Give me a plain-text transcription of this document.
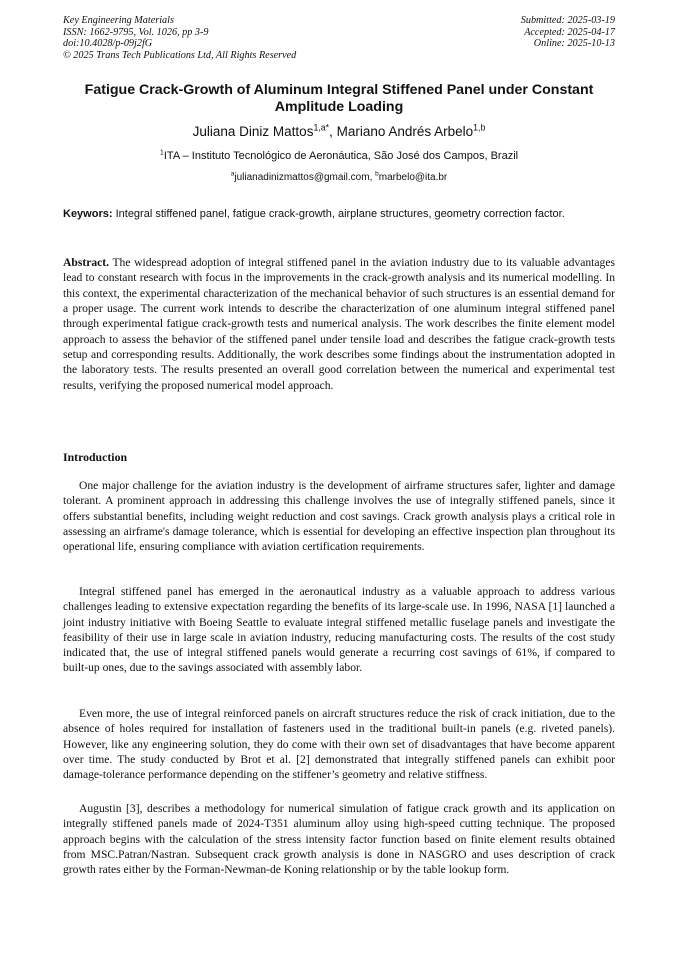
Key Engineering Materials
ISSN: 1662-9795, Vol. 1026, pp 3-9
doi:10.4028/p-09j2fG
© 2025 Trans Tech Publications Ltd, All Rights Reserved
Submitted: 2025-03-19
Accepted: 2025-04-17
Online: 2025-10-13
Fatigue Crack-Growth of Aluminum Integral Stiffened Panel under Constant Amplitude Loading
Juliana Diniz Mattos$^{1,a*}$, Mariano Andrés Arbelo$^{1,b}$
$^1$ITA – Instituto Tecnológico de Aeronáutica, São José dos Campos, Brazil
$^a$julianadinizmattos@gmail.com, $^b$marbelo@ita.br
Keywors: Integral stiffened panel, fatigue crack-growth, airplane structures, geometry correction factor.
Abstract. The widespread adoption of integral stiffened panel in the aviation industry due to its valuable advantages lead to constant research with focus in the improvements in the crack-growth analysis and its numerical modelling. In this context, the experimental characterization of the mechanical behavior of such structures is an essential demand for a proper usage. The current work intends to describe the characterization of one aluminum integral stiffened panel through experimental fatigue crack-growth tests and numerical analysis. The work describes the finite element model approach to assess the behavior of the stiffened panel under tensile load and describes the fatigue crack-growth tests setup and corresponding results. Additionally, the work describes some findings about the instrumentation adopted in the laboratory tests. The results presented an overall good correlation between the numerical and experimental test results, verifying the proposed numerical model approach.
Introduction

One major challenge for the aviation industry is the development of airframe structures safer, lighter and damage tolerant. A prominent approach in addressing this challenge involves the use of integrally stiffened panels, since it offers substantial benefits, including weight reduction and cost savings. Crack growth analysis plays a critical role in assessing an airframe's damage tolerance, which is essential for developing an effective inspection plan throughout its operational life, ensuring compliance with aviation certification requirements.

Integral stiffened panel has emerged in the aeronautical industry as a valuable approach to address various challenges leading to extensive expectation regarding the benefits of its large-scale use. In 1996, NASA [1] launched a joint industry initiative with Boeing Seattle to evaluate integral stiffened metallic fuselage panels and investigate the feasibility of their use in large scale in aviation industry, reducing manufacturing costs. The results of the cost study indicated that, the use of integral stiffened panels would generate a recurring cost savings of 61%, if compared to built-up ones, due to the savings associated with assembly labor.

Even more, the use of integral reinforced panels on aircraft structures reduce the risk of crack initiation, due to the absence of holes required for installation of fasteners used in the traditional built-in panels (e.g. riveted panels). However, like any engineering solution, they do come with their own set of disadvantages that have become apparent over time. The study conducted by Brot et al. [2] demonstrated that integrally stiffened panels can exhibit poor damage-tolerance performance depending on the stiffener’s geometry and relative stiffness.

Augustin [3], describes a methodology for numerical simulation of fatigue crack growth and its application on integrally stiffened panels made of 2024-T351 aluminum alloy using high-speed cutting technique. The proposed approach begins with the calculation of the stress intensity factor function based on finite element results obtained from MSC.Patran/Nastran. Subsequent crack growth analysis is done in NASGRO and uses description of crack growth rates either by the Forman-Newman-de Koning relationship or by the table lookup form.
